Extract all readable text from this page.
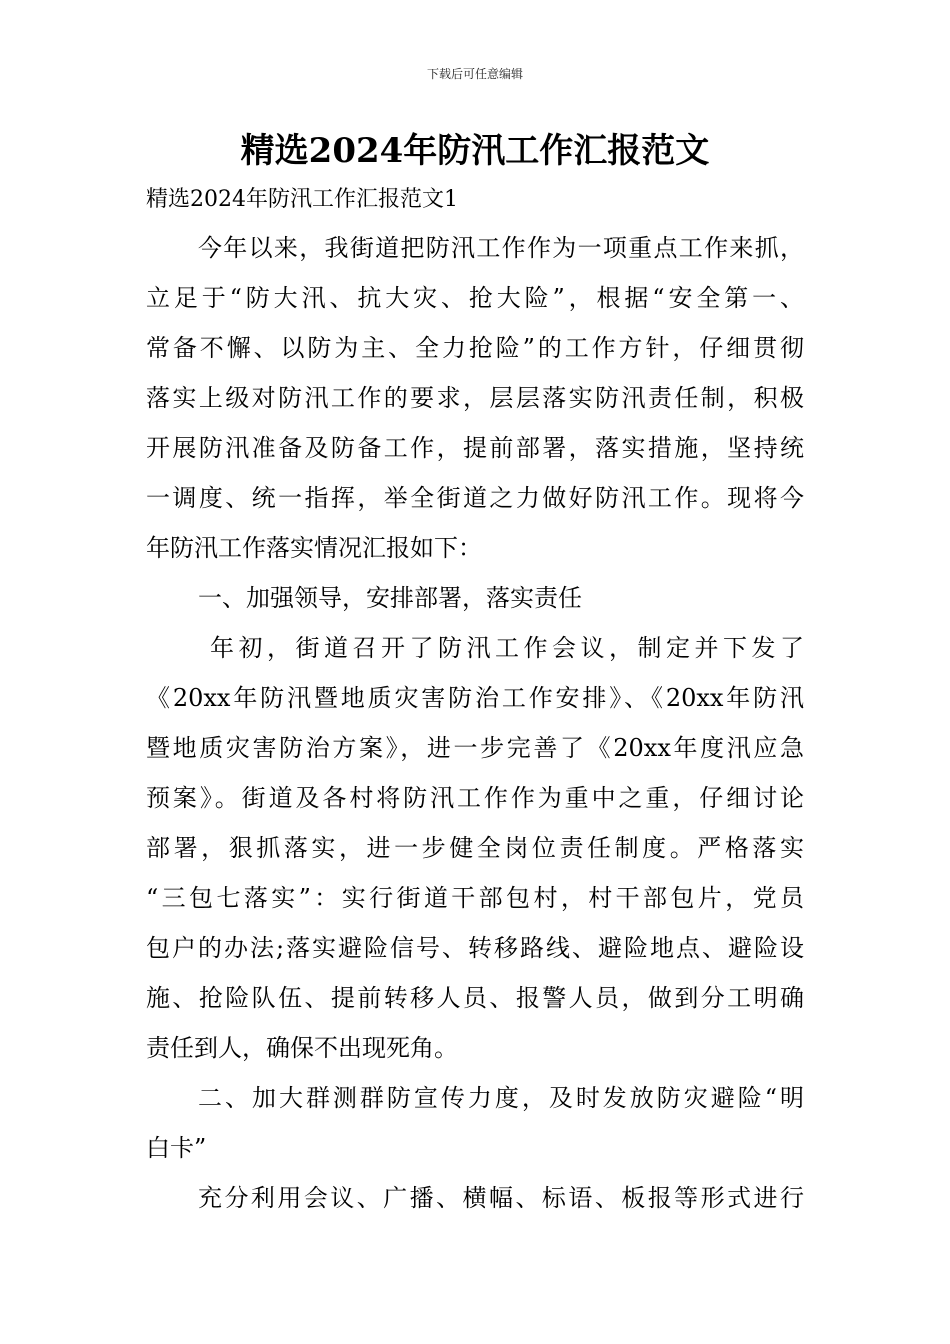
下载后可任意编辑
精选2024年防汛工作汇报范文
精选2024年防汛工作汇报范文1
今年以来，我街道把防汛工作作为一项重点工作来抓，
立足于“防大汛、抗大灾、抢大险”，根据“安全第一、
常备不懈、以防为主、全力抢险”的工作方针，仔细贯彻
落实上级对防汛工作的要求，层层落实防汛责任制，积极
开展防汛准备及防备工作，提前部署，落实措施，坚持统
一调度、统一指挥，举全街道之力做好防汛工作。现将今
年防汛工作落实情况汇报如下：
一、加强领导，安排部署，落实责任
年初，街道召开了防汛工作会议，制定并下发了
《20xx年防汛暨地质灾害防治工作安排》、《20xx年防汛
暨地质灾害防治方案》，进一步完善了《20xx年度汛应急
预案》。街道及各村将防汛工作作为重中之重，仔细讨论
部署，狠抓落实，进一步健全岗位责任制度。严格落实
“三包七落实”：实行街道干部包村，村干部包片，党员
包户的办法;落实避险信号、转移路线、避险地点、避险设
施、抢险队伍、提前转移人员、报警人员，做到分工明确
责任到人，确保不出现死角。
二、加大群测群防宣传力度，及时发放防灾避险“明
白卡”
充分利用会议、广播、横幅、标语、板报等形式进行
